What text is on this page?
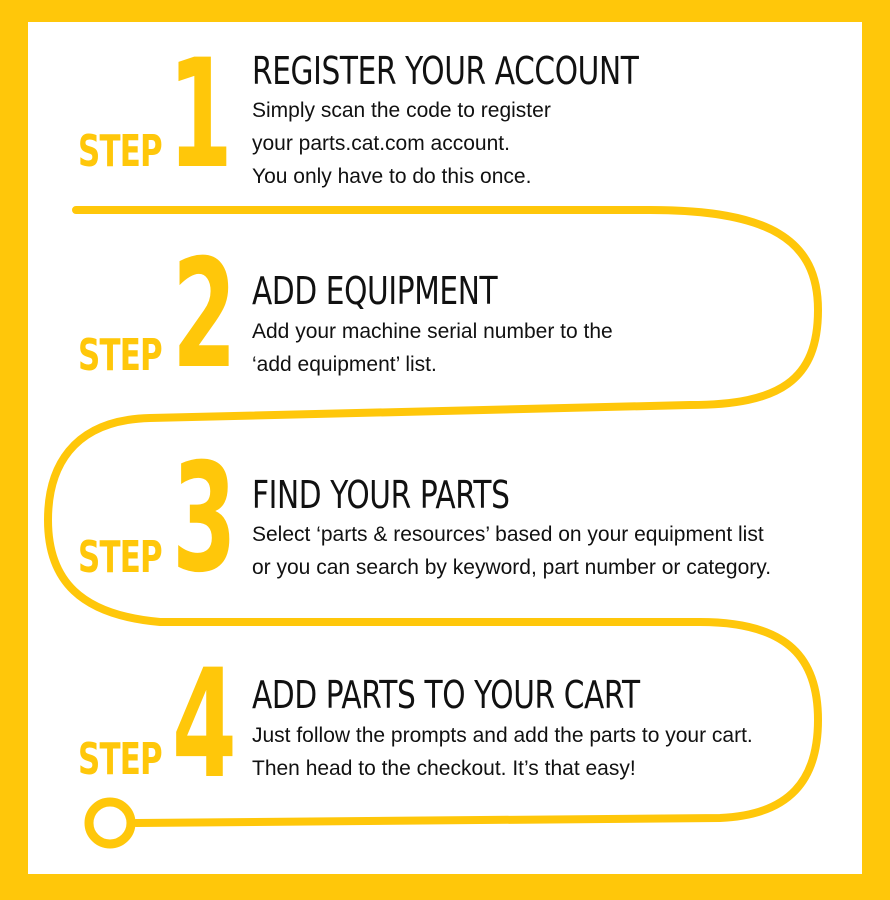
STEP 1 REGISTER YOUR ACCOUNT
Simply scan the code to register
your parts.cat.com account.
You only have to do this once.
STEP 2 ADD EQUIPMENT
Add your machine serial number to the
‘add equipment’ list.
STEP 3 FIND YOUR PARTS
Select ‘parts & resources’ based on your equipment list
or you can search by keyword, part number or category.
STEP 4 ADD PARTS TO YOUR CART
Just follow the prompts and add the parts to your cart.
Then head to the checkout. It’s that easy!
